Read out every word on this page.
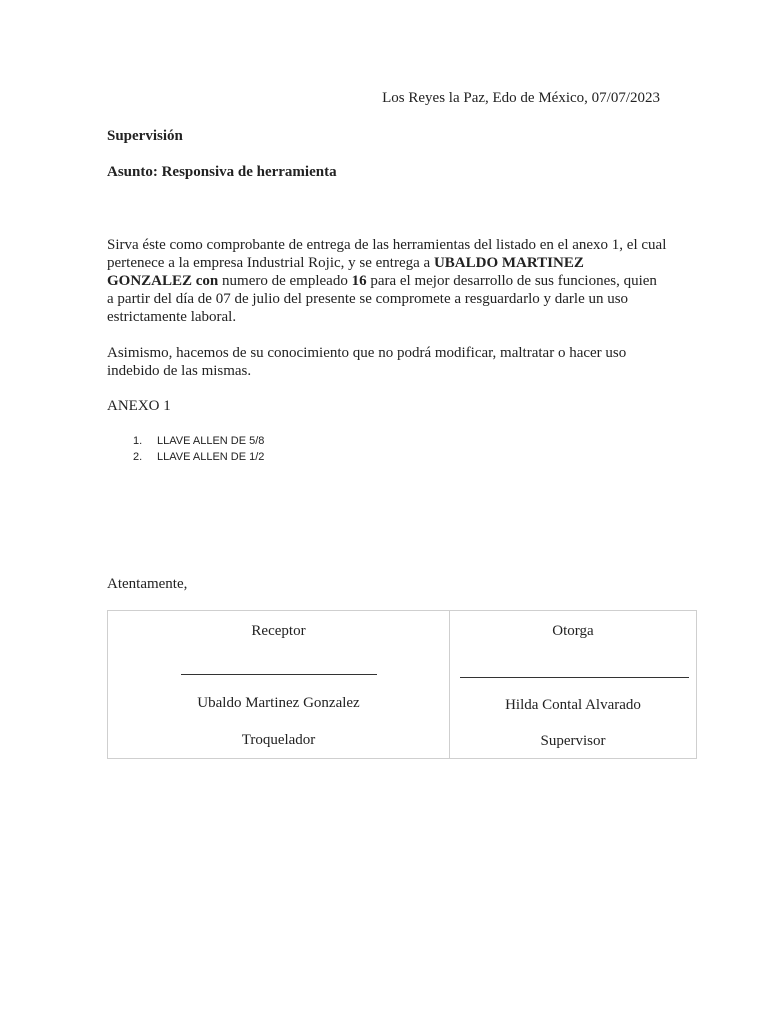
Los Reyes la Paz, Edo de México, 07/07/2023
Supervisión
Asunto: Responsiva de herramienta
Sirva éste como comprobante de entrega de las herramientas del listado en el anexo 1, el cual pertenece a la empresa Industrial Rojic, y se entrega a UBALDO MARTINEZ GONZALEZ con numero de empleado 16 para el mejor desarrollo de sus funciones, quien a partir del día de 07 de julio del presente se compromete a resguardarlo y darle un uso estrictamente laboral.
Asimismo, hacemos de su conocimiento que no podrá modificar, maltratar o hacer uso indebido de las mismas.
ANEXO 1
1. LLAVE ALLEN DE 5/8
2. LLAVE ALLEN DE 1/2
Atentamente,
Receptor
Ubaldo Martinez Gonzalez
Troquelador
Otorga
Hilda Contal Alvarado
Supervisor
